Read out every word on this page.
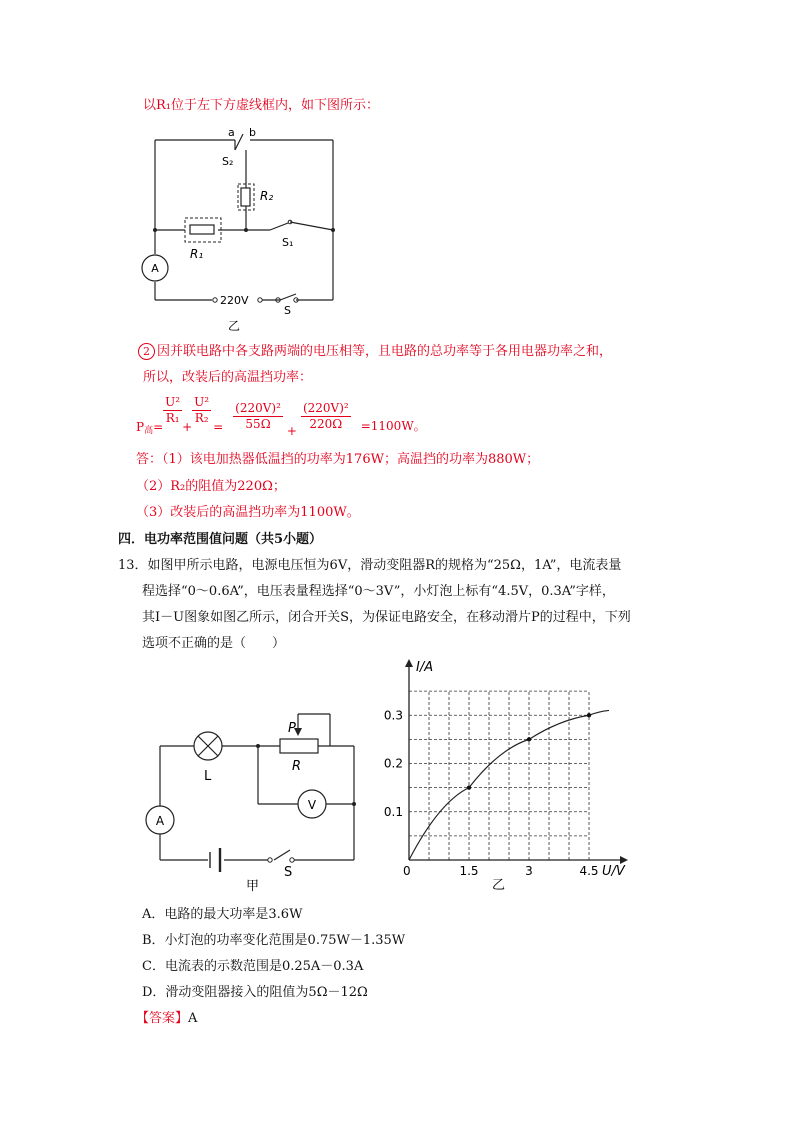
以R₁位于左下方虚线框内，如下图所示：
A
a b
S₂
R₂
R₁
S₁
220V
S
乙
2 因并联电路中各支路两端的电压相等，且电路的总功率等于各用电器功率之和，
所以，改装后的高温挡功率：
P 高 =
$\frac{\text{U²}}{\text{R₁}}$
+
$\frac{\text{U²}}{\text{R₂}}$
= $\frac{\text{(220V)²}}{55\Omega} + \frac{\text{(220V)²}}{220\Omega} =1100W$。
答：（1）该电加热器低温挡的功率为176W；高温挡的功率为880W；
（2）R₂的阻值为220Ω；
（3）改装后的高温挡功率为1100W。
四．电功率范围值问题（共5小题）
13．如图甲所示电路，电源电压恒为6V，滑动变阻器R的规格为“25Ω，1A”，电流表量
程选择“0～0.6A”，电压表量程选择“0～3V”，小灯泡上标有“4.5V，0.3A”字样，
其I－U图象如图乙所示，闭合开关S，为保证电路安全，在移动滑片P的过程中，下列
选项不正确的是（　　）
L
P
R
V
A
S
甲
0.1
0.2
0.3
1.5	3	4.5
I/A
U/V
0
乙
A．电路的最大功率是3.6W
B．小灯泡的功率变化范围是0.75W－1.35W
C．电流表的示数范围是0.25A－0.3A
D．滑动变阻器接入的阻值为5Ω－12Ω
【答案】A
